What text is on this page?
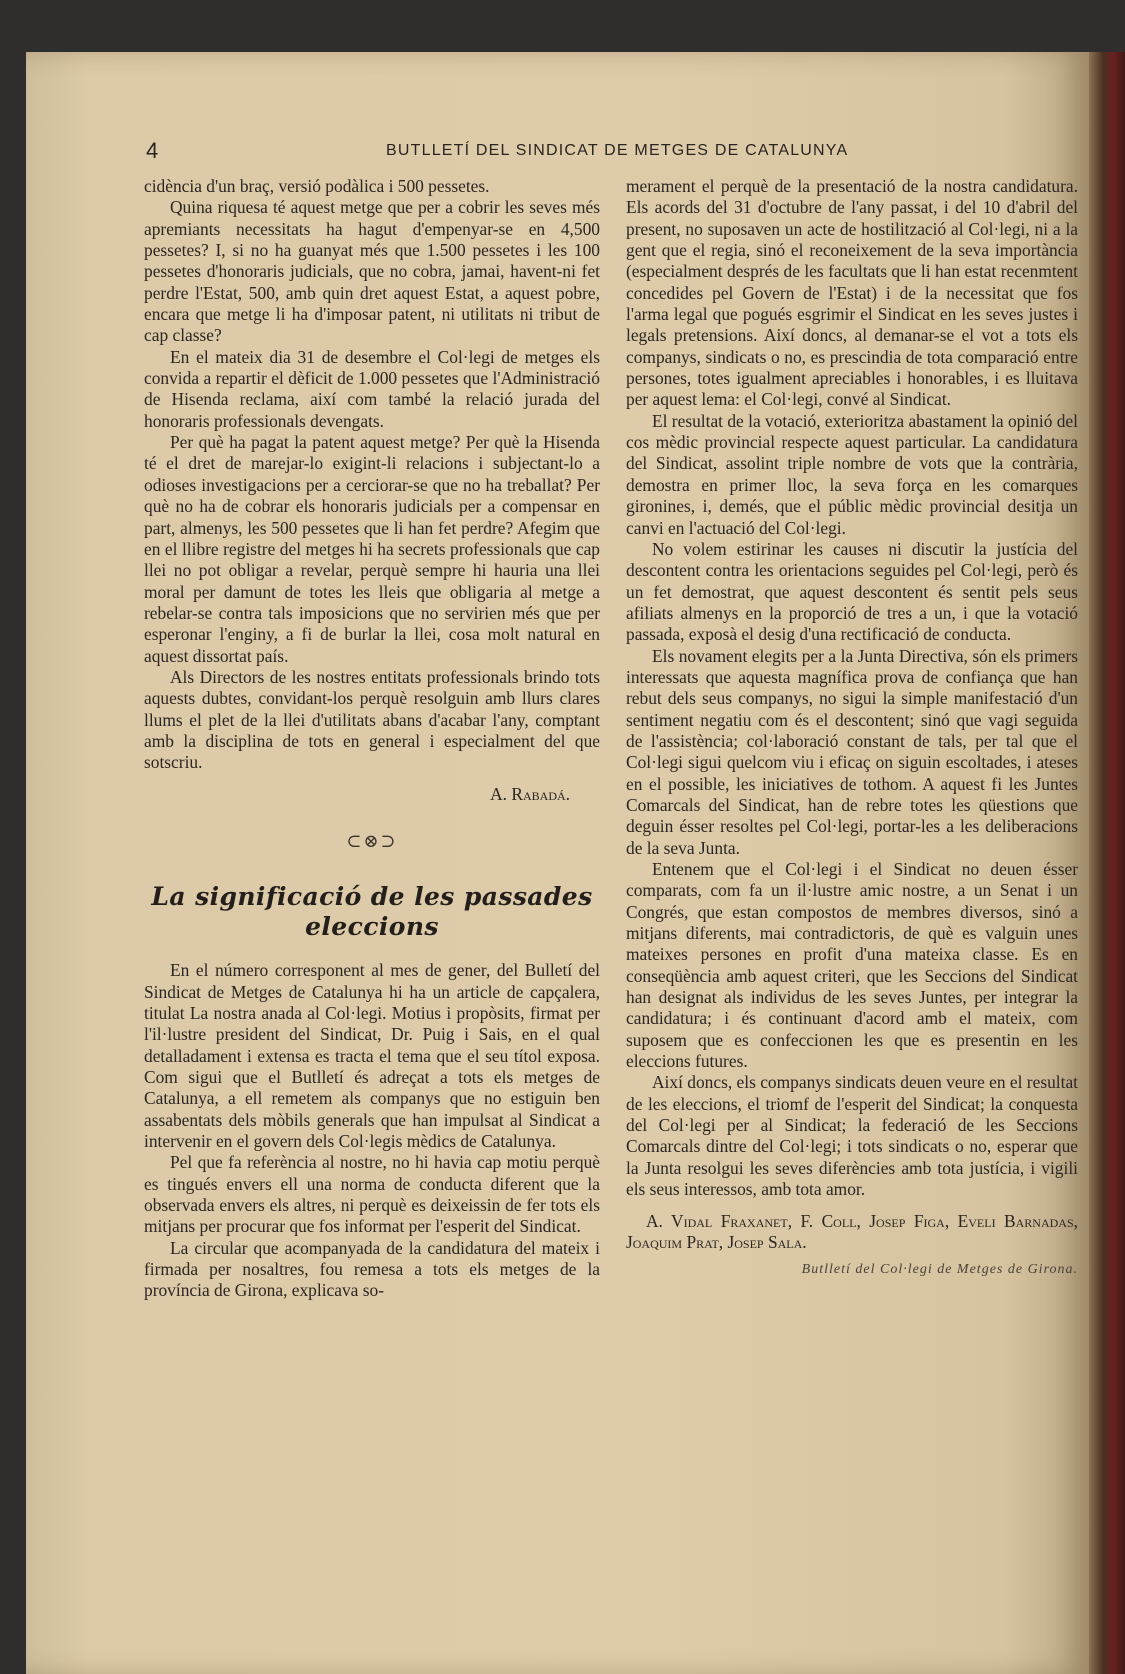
4	BUTLLETÍ DEL SINDICAT DE METGES DE CATALUNYA

cidència d'un braç, versió podàlica i 500 pessetes.

Quina riquesa té aquest metge que per a cobrir les seves més apremiants necessitats ha hagut d'empenyar-se en 4,500 pessetes? I, si no ha guanyat més que 1.500 pessetes i les 100 pessetes d'honoraris judicials, que no cobra, jamai, havent-ni fet perdre l'Estat, 500, amb quin dret aquest Estat, a aquest pobre, encara que metge li ha d'imposar patent, ni utilitats ni tribut de cap classe?

En el mateix dia 31 de desembre el Col·legi de metges els convida a repartir el dèficit de 1.000 pessetes que l'Administració de Hisenda reclama, així com també la relació jurada del honoraris professionals devengats.

Per què ha pagat la patent aquest metge? Per què la Hisenda té el dret de marejar-lo exigint-li relacions i subjectant-lo a odioses investigacions per a cerciorar-se que no ha treballat? Per què no ha de cobrar els honoraris judicials per a compensar en part, almenys, les 500 pessetes que li han fet perdre? Afegim que en el llibre registre del metges hi ha secrets professionals que cap llei no pot obligar a revelar, perquè sempre hi hauria una llei moral per damunt de totes les lleis que obligaria al metge a rebelar-se contra tals imposicions que no servirien més que per esperonar l'enginy, a fi de burlar la llei, cosa molt natural en aquest dissortat país.

Als Directors de les nostres entitats professionals brindo tots aquests dubtes, convidant-los perquè resolguin amb llurs clares llums el plet de la llei d'utilitats abans d'acabar l'any, comptant amb la disciplina de tots en general i especialment del que sotscriu.

A. Rabadá.

⊂⊗⊃
La significació de les passades eleccions

En el número corresponent al mes de gener, del Bulletí del Sindicat de Metges de Catalunya hi ha un article de capçalera, titulat La nostra anada al Col·legi. Motius i propòsits, firmat per l'il·lustre president del Sindicat, Dr. Puig i Sais, en el qual detalladament i extensa es tracta el tema que el seu títol exposa. Com sigui que el Butlletí és adreçat a tots els metges de Catalunya, a ell remetem als companys que no estiguin ben assabentats dels mòbils generals que han impulsat al Sindicat a intervenir en el govern dels Col·legis mèdics de Catalunya.

Pel que fa referència al nostre, no hi havia cap motiu perquè es tingués envers ell una norma de conducta diferent que la observada envers els altres, ni perquè es deixeissin de fer tots els mitjans per procurar que fos informat per l'esperit del Sindicat.

La circular que acompanyada de la candidatura del mateix i firmada per nosaltres, fou remesa a tots els metges de la província de Girona, explicava so-

merament el perquè de la presentació de la nostra candidatura. Els acords del 31 d'octubre de l'any passat, i del 10 d'abril del present, no suposaven un acte de hostilització al Col·legi, ni a la gent que el regia, sinó el reconeixement de la seva importància (especialment després de les facultats que li han estat recenmtent concedides pel Govern de l'Estat) i de la necessitat que fos l'arma legal que pogués esgrimir el Sindicat en les seves justes i legals pretensions. Així doncs, al demanar-se el vot a tots els companys, sindicats o no, es prescindia de tota comparació entre persones, totes igualment apreciables i honorables, i es lluitava per aquest lema: el Col·legi, convé al Sindicat.

El resultat de la votació, exterioritza abastament la opinió del cos mèdic provincial respecte aquest particular. La candidatura del Sindicat, assolint triple nombre de vots que la contrària, demostra en primer lloc, la seva força en les comarques gironines, i, demés, que el públic mèdic provincial desitja un canvi en l'actuació del Col·legi.

No volem estirinar les causes ni discutir la justícia del descontent contra les orientacions seguides pel Col·legi, però és un fet demostrat, que aquest descontent és sentit pels seus afiliats almenys en la proporció de tres a un, i que la votació passada, exposà el desig d'una rectificació de conducta.

Els novament elegits per a la Junta Directiva, són els primers interessats que aquesta magnífica prova de confiança que han rebut dels seus companys, no sigui la simple manifestació d'un sentiment negatiu com és el descontent; sinó que vagi seguida de l'assistència; col·laboració constant de tals, per tal que el Col·legi sigui quelcom viu i eficaç on siguin escoltades, i ateses en el possible, les iniciatives de tothom. A aquest fi les Juntes Comarcals del Sindicat, han de rebre totes les qüestions que deguin ésser resoltes pel Col·legi, portar-les a les deliberacions de la seva Junta.

Entenem que el Col·legi i el Sindicat no deuen ésser comparats, com fa un il·lustre amic nostre, a un Senat i un Congrés, que estan compostos de membres diversos, sinó a mitjans diferents, mai contradictoris, de què es valguin unes mateixes persones en profit d'una mateixa classe. Es en conseqüència amb aquest criteri, que les Seccions del Sindicat han designat als individus de les seves Juntes, per integrar la candidatura; i és continuant d'acord amb el mateix, com suposem que es confeccionen les que es presentin en les eleccions futures.

Així doncs, els companys sindicats deuen veure en el resultat de les eleccions, el triomf de l'esperit del Sindicat; la conquesta del Col·legi per al Sindicat; la federació de les Seccions Comarcals dintre del Col·legi; i tots sindicats o no, esperar que la Junta resolgui les seves diferències amb tota justícia, i vigili els seus interessos, amb tota amor.

A. Vidal Fraxanet, F. Coll, Josep Figa, Eveli Barnadas, Joaquim Prat, Josep Sala.

Butlletí del Col·legi de Metges de Girona.
